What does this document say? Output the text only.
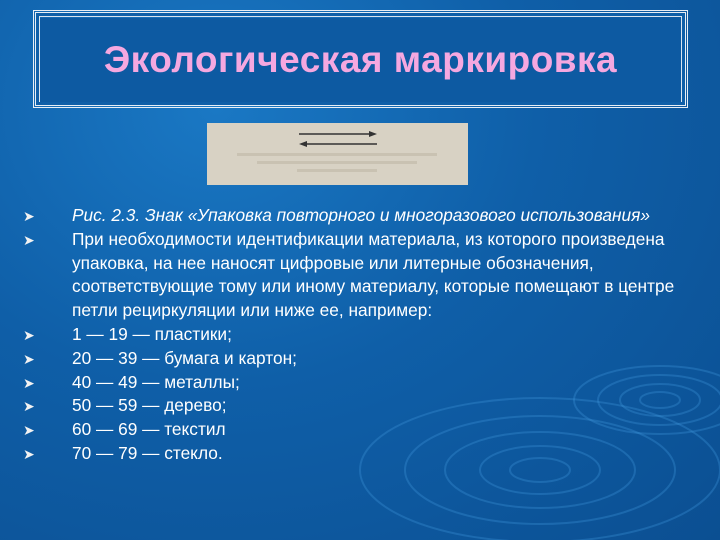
Экологическая маркировка
➤ Рис. 2.3. Знак «Упаковка повторного и многоразового использования»
➤ При необходимости идентификации материала, из которого произведена упаковка, на нее наносят цифровые или литерные обозначения, соответствующие тому или иному материалу, которые помещают в центре петли рециркуляции или ниже ее, например:
➤ 1 — 19 — пластики;
➤ 20 — 39 — бумага и картон;
➤ 40 — 49 — металлы;
➤ 50 — 59 — дерево;
➤ 60 — 69 — текстил
➤ 70 — 79 — стекло.
